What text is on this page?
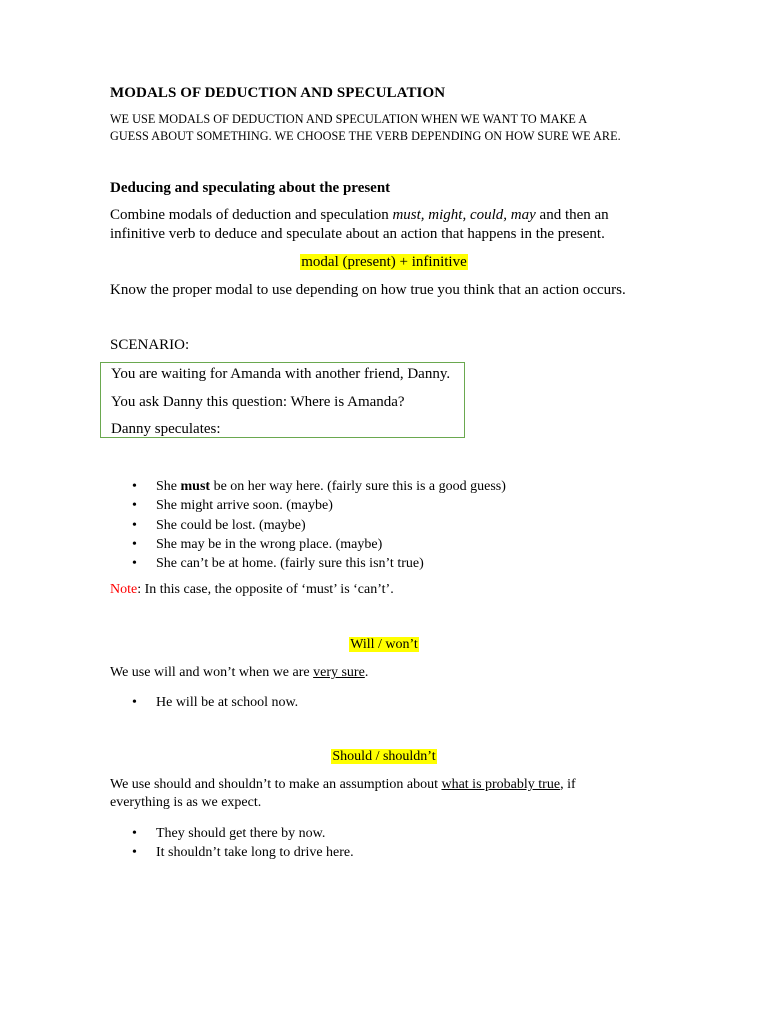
MODALS OF DEDUCTION AND SPECULATION
WE USE MODALS OF DEDUCTION AND SPECULATION WHEN WE WANT TO MAKE A
GUESS ABOUT SOMETHING. WE CHOOSE THE VERB DEPENDING ON HOW SURE WE ARE.
Deducing and speculating about the present
Combine modals of deduction and speculation must, might, could, may and then an
infinitive verb to deduce and speculate about an action that happens in the present.
modal (present) + infinitive
Know the proper modal to use depending on how true you think that an action occurs.
SCENARIO:
You are waiting for Amanda with another friend, Danny.
You ask Danny this question: Where is Amanda?
Danny speculates:
• She must be on her way here. (fairly sure this is a good guess)
• She might arrive soon. (maybe)
• She could be lost. (maybe)
• She may be in the wrong place. (maybe)
• She can’t be at home. (fairly sure this isn’t true)
Note: In this case, the opposite of ‘must’ is ‘can’t’.
Will / won’t
We use will and won’t when we are very sure.
• He will be at school now.
Should / shouldn’t
We use should and shouldn’t to make an assumption about what is probably true, if
everything is as we expect.
• They should get there by now.
• It shouldn’t take long to drive here.
